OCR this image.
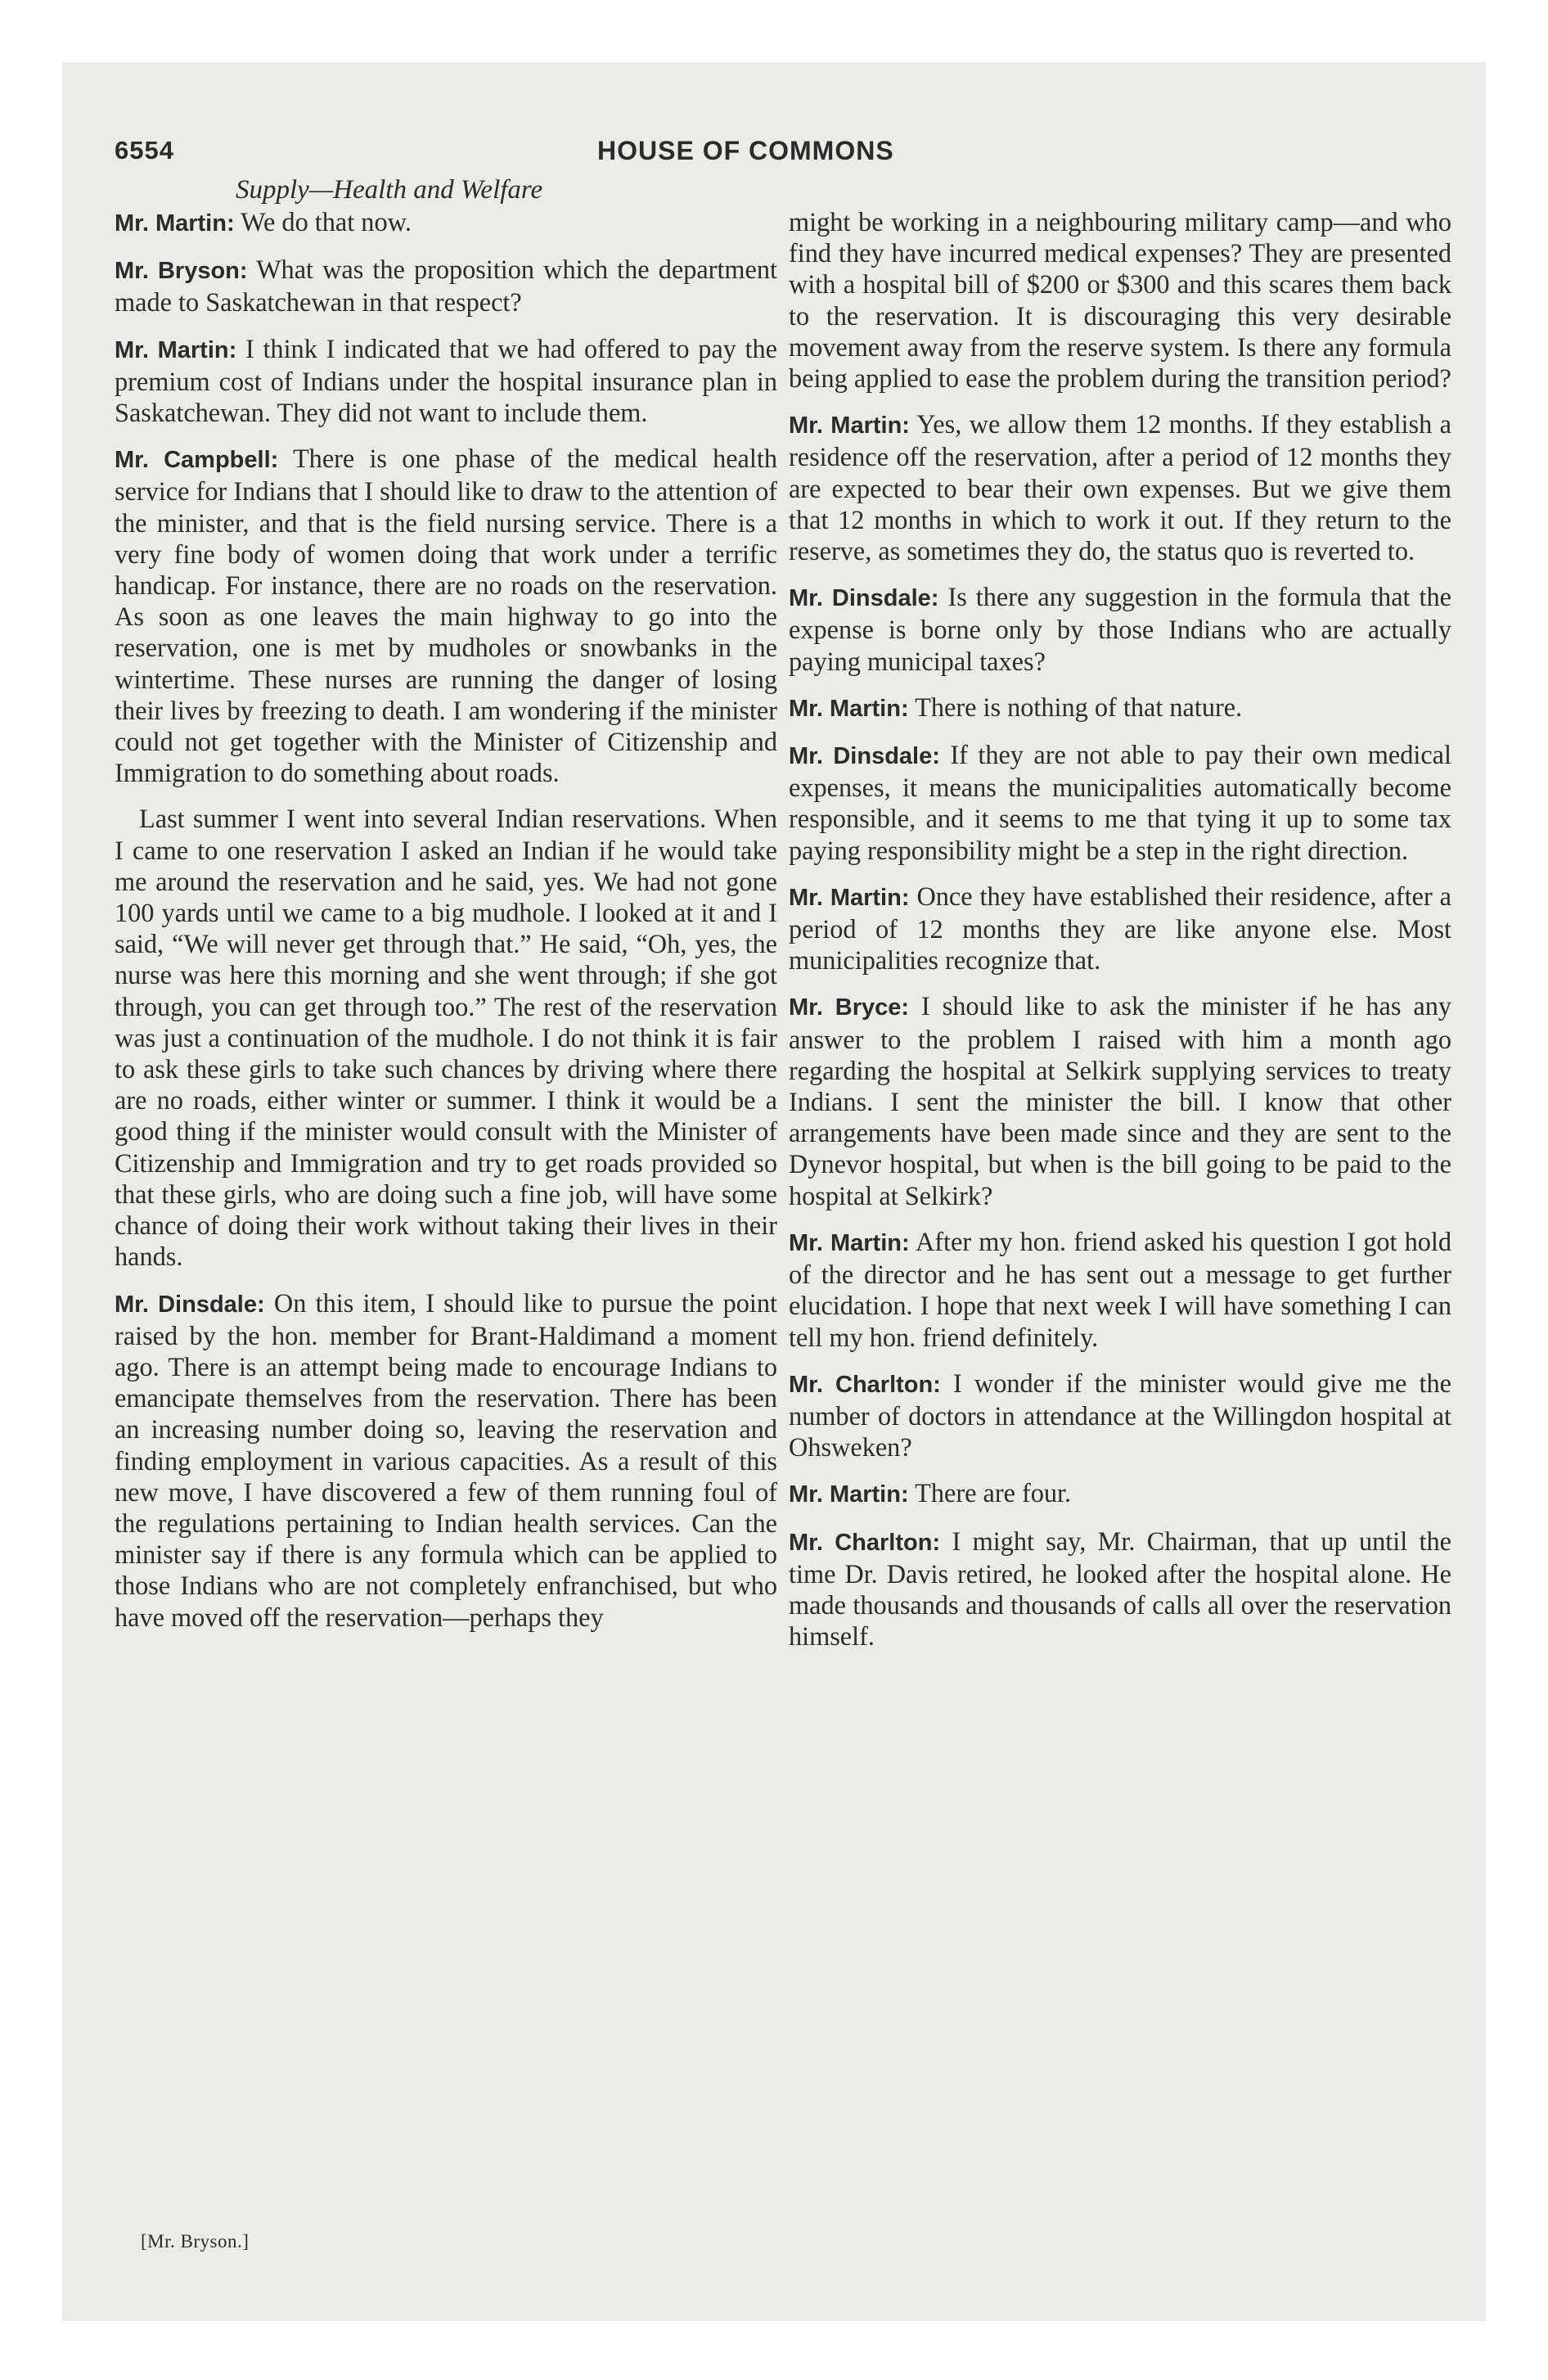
6554	HOUSE OF COMMONS
Supply—Health and Welfare

Mr. Martin: We do that now.

Mr. Bryson: What was the proposition which the department made to Saskatchewan in that respect?

Mr. Martin: I think I indicated that we had offered to pay the premium cost of Indians under the hospital insurance plan in Saskatchewan. They did not want to include them.

Mr. Campbell: There is one phase of the medical health service for Indians that I should like to draw to the attention of the minister, and that is the field nursing service. There is a very fine body of women doing that work under a terrific handicap. For instance, there are no roads on the reservation. As soon as one leaves the main highway to go into the reservation, one is met by mudholes or snowbanks in the wintertime. These nurses are running the danger of losing their lives by freezing to death. I am wondering if the minister could not get together with the Minister of Citizenship and Immigration to do something about roads.

Last summer I went into several Indian reservations. When I came to one reservation I asked an Indian if he would take me around the reservation and he said, yes. We had not gone 100 yards until we came to a big mudhole. I looked at it and I said, “We will never get through that.” He said, “Oh, yes, the nurse was here this morning and she went through; if she got through, you can get through too.” The rest of the reservation was just a continuation of the mudhole. I do not think it is fair to ask these girls to take such chances by driving where there are no roads, either winter or summer. I think it would be a good thing if the minister would consult with the Minister of Citizenship and Immigration and try to get roads provided so that these girls, who are doing such a fine job, will have some chance of doing their work without taking their lives in their hands.

Mr. Dinsdale: On this item, I should like to pursue the point raised by the hon. member for Brant-Haldimand a moment ago. There is an attempt being made to encourage Indians to emancipate themselves from the reservation. There has been an increasing number doing so, leaving the reservation and finding employment in various capacities. As a result of this new move, I have discovered a few of them running foul of the regulations pertaining to Indian health services. Can the minister say if there is any formula which can be applied to those Indians who are not completely enfranchised, but who have moved off the reservation—perhaps they

might be working in a neighbouring military camp—and who find they have incurred medical expenses? They are presented with a hospital bill of $200 or $300 and this scares them back to the reservation. It is discouraging this very desirable movement away from the reserve system. Is there any formula being applied to ease the problem during the transition period?

Mr. Martin: Yes, we allow them 12 months. If they establish a residence off the reservation, after a period of 12 months they are expected to bear their own expenses. But we give them that 12 months in which to work it out. If they return to the reserve, as sometimes they do, the status quo is reverted to.

Mr. Dinsdale: Is there any suggestion in the formula that the expense is borne only by those Indians who are actually paying municipal taxes?

Mr. Martin: There is nothing of that nature.

Mr. Dinsdale: If they are not able to pay their own medical expenses, it means the municipalities automatically become responsible, and it seems to me that tying it up to some tax paying responsibility might be a step in the right direction.

Mr. Martin: Once they have established their residence, after a period of 12 months they are like anyone else. Most municipalities recognize that.

Mr. Bryce: I should like to ask the minister if he has any answer to the problem I raised with him a month ago regarding the hospital at Selkirk supplying services to treaty Indians. I sent the minister the bill. I know that other arrangements have been made since and they are sent to the Dynevor hospital, but when is the bill going to be paid to the hospital at Selkirk?

Mr. Martin: After my hon. friend asked his question I got hold of the director and he has sent out a message to get further elucidation. I hope that next week I will have something I can tell my hon. friend definitely.

Mr. Charlton: I wonder if the minister would give me the number of doctors in attendance at the Willingdon hospital at Ohsweken?

Mr. Martin: There are four.

Mr. Charlton: I might say, Mr. Chairman, that up until the time Dr. Davis retired, he looked after the hospital alone. He made thousands and thousands of calls all over the reservation himself.

[Mr. Bryson.]
